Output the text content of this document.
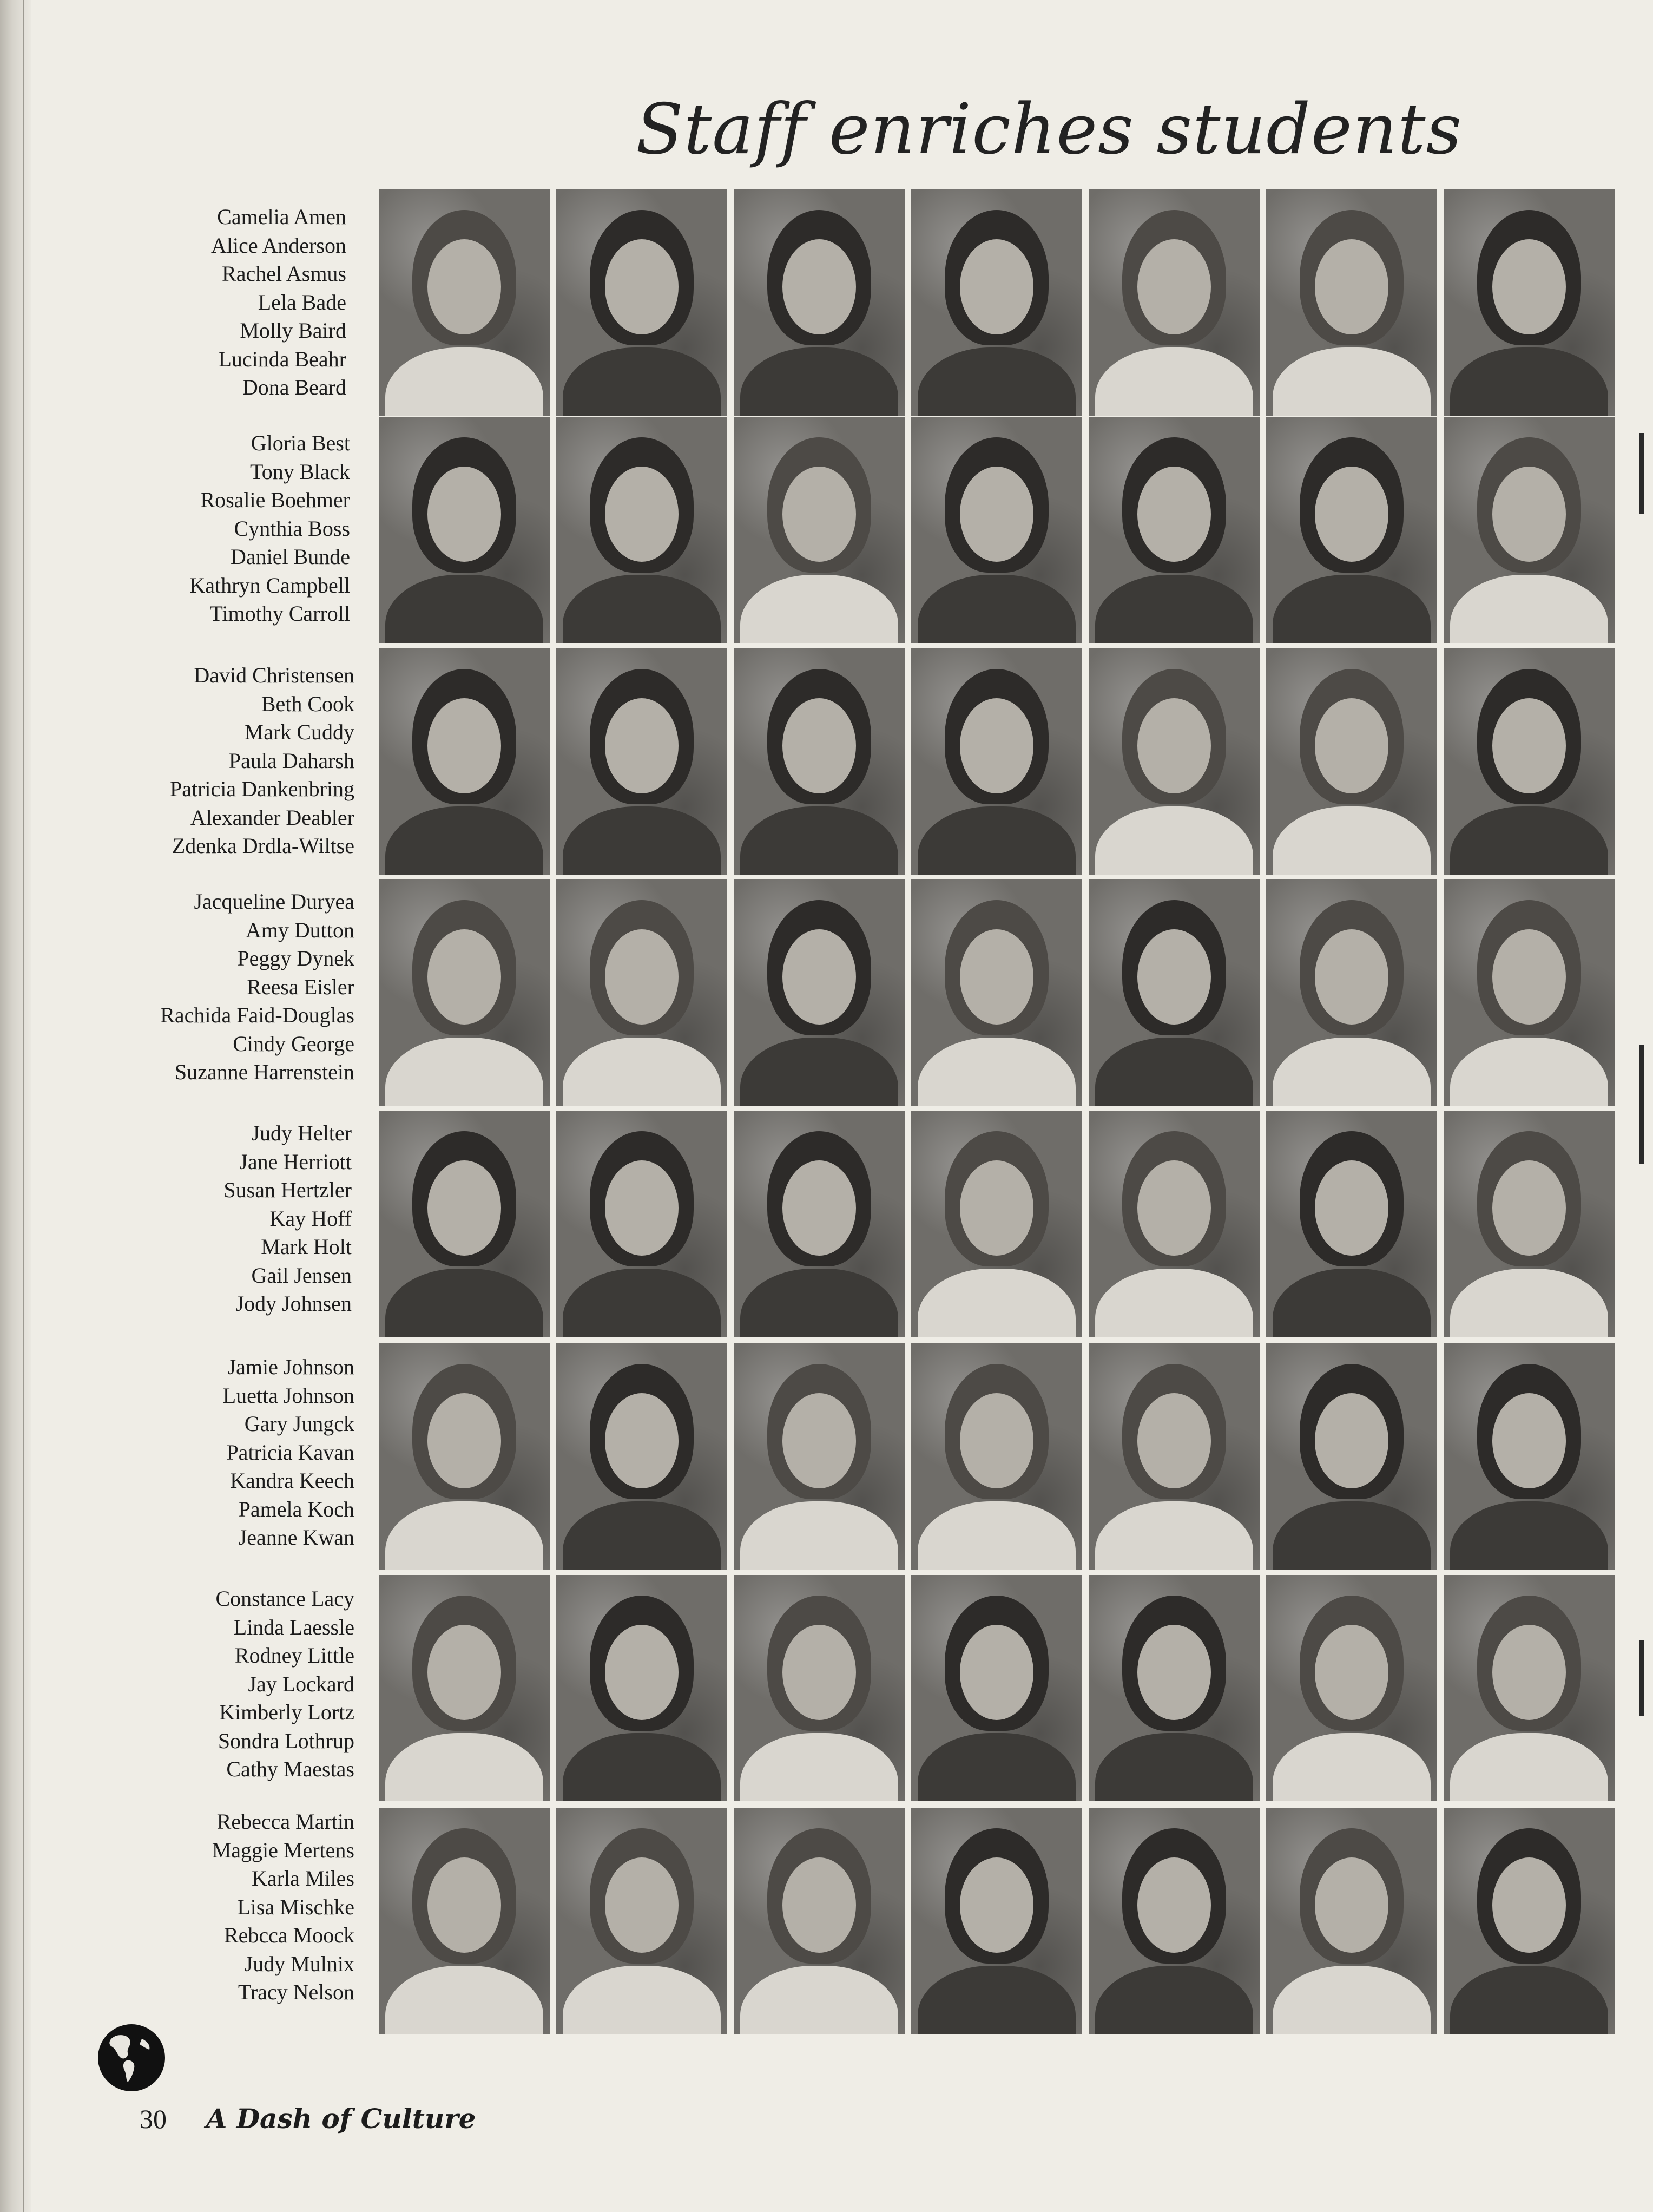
Staff enriches students
Camelia Amen
Alice Anderson
Rachel Asmus
Lela Bade
Molly Baird
Lucinda Beahr
Dona Beard
Gloria Best
Tony Black
Rosalie Boehmer
Cynthia Boss
Daniel Bunde
Kathryn Campbell
Timothy Carroll
David Christensen
Beth Cook
Mark Cuddy
Paula Daharsh
Patricia Dankenbring
Alexander Deabler
Zdenka Drdla-Wiltse
Jacqueline Duryea
Amy Dutton
Peggy Dynek
Reesa Eisler
Rachida Faid-Douglas
Cindy George
Suzanne Harrenstein
Judy Helter
Jane Herriott
Susan Hertzler
Kay Hoff
Mark Holt
Gail Jensen
Jody Johnsen
Jamie Johnson
Luetta Johnson
Gary Jungck
Patricia Kavan
Kandra Keech
Pamela Koch
Jeanne Kwan
Constance Lacy
Linda Laessle
Rodney Little
Jay Lockard
Kimberly Lortz
Sondra Lothrup
Cathy Maestas
Rebecca Martin
Maggie Mertens
Karla Miles
Lisa Mischke
Rebcca Moock
Judy Mulnix
Tracy Nelson
30 A Dash of Culture
